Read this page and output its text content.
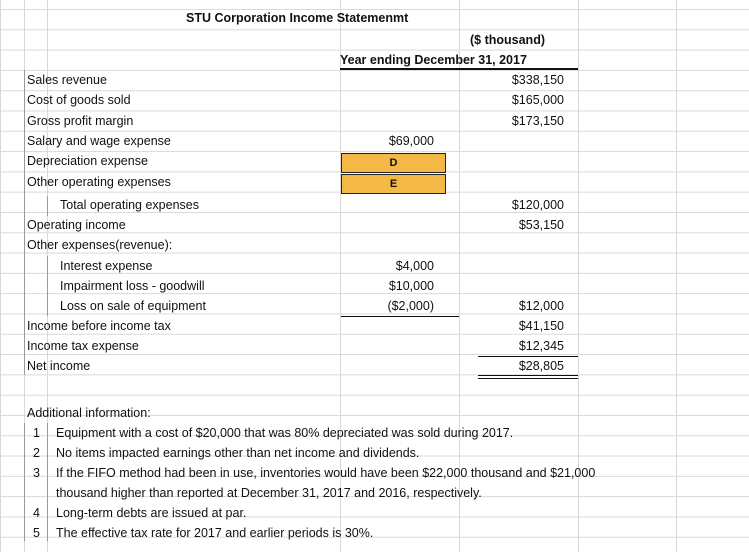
STU Corporation Income Statemenmt
($ thousand)
Year ending December 31, 2017
Sales revenue
Cost of goods sold
Gross profit margin
Salary and wage expense
Depreciation expense
Other operating expenses
Total operating expenses
Operating income
Other expenses(revenue):
Interest expense
Impairment loss - goodwill
Loss on sale of equipment
Income before income tax
Income tax expense
Net income
$69,000
D
E
$4,000
$10,000
($2,000)
$338,150
$165,000
$173,150
$120,000
$53,150
$12,000
$41,150
$12,345
$28,805
Additional information:
1 Equipment with a cost of $20,000 that was 80% depreciated was sold during 2017.
2 No items impacted earnings other than net income and dividends.
3 If the FIFO method had been in use, inventories would have been $22,000 thousand and $21,000
thousand higher than reported at December 31, 2017 and 2016, respectively.
4 Long-term debts are issued at par.
5 The effective tax rate for 2017 and earlier periods is 30%.
